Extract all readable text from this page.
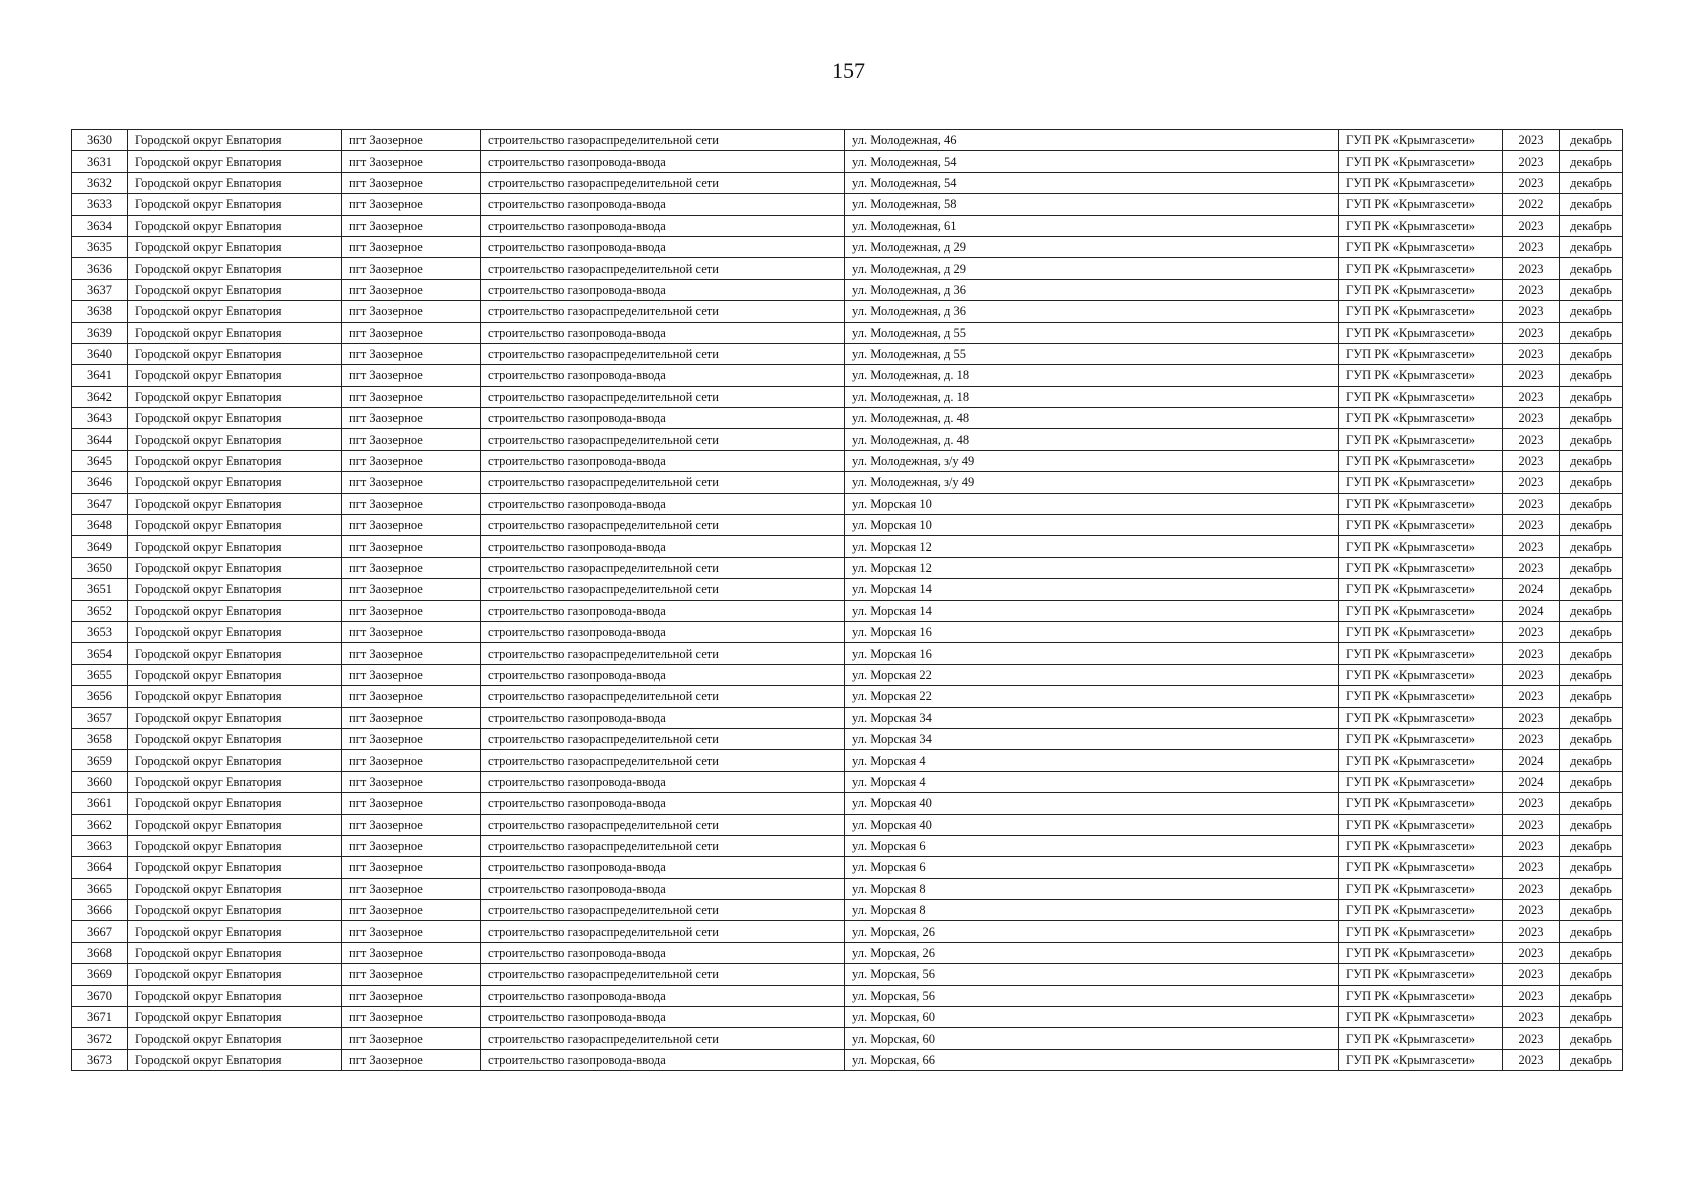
157
3630	Городской округ Евпатория	пгт Заозерное	строительство газораспределительной сети	ул. Молодежная, 46	ГУП РК «Крымгазсети»	2023	декабрь
3631	Городской округ Евпатория	пгт Заозерное	строительство газопровода-ввода	ул. Молодежная, 54	ГУП РК «Крымгазсети»	2023	декабрь
3632	Городской округ Евпатория	пгт Заозерное	строительство газораспределительной сети	ул. Молодежная, 54	ГУП РК «Крымгазсети»	2023	декабрь
3633	Городской округ Евпатория	пгт Заозерное	строительство газопровода-ввода	ул. Молодежная, 58	ГУП РК «Крымгазсети»	2022	декабрь
3634	Городской округ Евпатория	пгт Заозерное	строительство газопровода-ввода	ул. Молодежная, 61	ГУП РК «Крымгазсети»	2023	декабрь
3635	Городской округ Евпатория	пгт Заозерное	строительство газопровода-ввода	ул. Молодежная, д 29	ГУП РК «Крымгазсети»	2023	декабрь
3636	Городской округ Евпатория	пгт Заозерное	строительство газораспределительной сети	ул. Молодежная, д 29	ГУП РК «Крымгазсети»	2023	декабрь
3637	Городской округ Евпатория	пгт Заозерное	строительство газопровода-ввода	ул. Молодежная, д 36	ГУП РК «Крымгазсети»	2023	декабрь
3638	Городской округ Евпатория	пгт Заозерное	строительство газораспределительной сети	ул. Молодежная, д 36	ГУП РК «Крымгазсети»	2023	декабрь
3639	Городской округ Евпатория	пгт Заозерное	строительство газопровода-ввода	ул. Молодежная, д 55	ГУП РК «Крымгазсети»	2023	декабрь
3640	Городской округ Евпатория	пгт Заозерное	строительство газораспределительной сети	ул. Молодежная, д 55	ГУП РК «Крымгазсети»	2023	декабрь
3641	Городской округ Евпатория	пгт Заозерное	строительство газопровода-ввода	ул. Молодежная, д. 18	ГУП РК «Крымгазсети»	2023	декабрь
3642	Городской округ Евпатория	пгт Заозерное	строительство газораспределительной сети	ул. Молодежная, д. 18	ГУП РК «Крымгазсети»	2023	декабрь
3643	Городской округ Евпатория	пгт Заозерное	строительство газопровода-ввода	ул. Молодежная, д. 48	ГУП РК «Крымгазсети»	2023	декабрь
3644	Городской округ Евпатория	пгт Заозерное	строительство газораспределительной сети	ул. Молодежная, д. 48	ГУП РК «Крымгазсети»	2023	декабрь
3645	Городской округ Евпатория	пгт Заозерное	строительство газопровода-ввода	ул. Молодежная, з/у 49	ГУП РК «Крымгазсети»	2023	декабрь
3646	Городской округ Евпатория	пгт Заозерное	строительство газораспределительной сети	ул. Молодежная, з/у 49	ГУП РК «Крымгазсети»	2023	декабрь
3647	Городской округ Евпатория	пгт Заозерное	строительство газопровода-ввода	ул. Морская 10	ГУП РК «Крымгазсети»	2023	декабрь
3648	Городской округ Евпатория	пгт Заозерное	строительство газораспределительной сети	ул. Морская 10	ГУП РК «Крымгазсети»	2023	декабрь
3649	Городской округ Евпатория	пгт Заозерное	строительство газопровода-ввода	ул. Морская 12	ГУП РК «Крымгазсети»	2023	декабрь
3650	Городской округ Евпатория	пгт Заозерное	строительство газораспределительной сети	ул. Морская 12	ГУП РК «Крымгазсети»	2023	декабрь
3651	Городской округ Евпатория	пгт Заозерное	строительство газораспределительной сети	ул. Морская 14	ГУП РК «Крымгазсети»	2024	декабрь
3652	Городской округ Евпатория	пгт Заозерное	строительство газопровода-ввода	ул. Морская 14	ГУП РК «Крымгазсети»	2024	декабрь
3653	Городской округ Евпатория	пгт Заозерное	строительство газопровода-ввода	ул. Морская 16	ГУП РК «Крымгазсети»	2023	декабрь
3654	Городской округ Евпатория	пгт Заозерное	строительство газораспределительной сети	ул. Морская 16	ГУП РК «Крымгазсети»	2023	декабрь
3655	Городской округ Евпатория	пгт Заозерное	строительство газопровода-ввода	ул. Морская 22	ГУП РК «Крымгазсети»	2023	декабрь
3656	Городской округ Евпатория	пгт Заозерное	строительство газораспределительной сети	ул. Морская 22	ГУП РК «Крымгазсети»	2023	декабрь
3657	Городской округ Евпатория	пгт Заозерное	строительство газопровода-ввода	ул. Морская 34	ГУП РК «Крымгазсети»	2023	декабрь
3658	Городской округ Евпатория	пгт Заозерное	строительство газораспределительной сети	ул. Морская 34	ГУП РК «Крымгазсети»	2023	декабрь
3659	Городской округ Евпатория	пгт Заозерное	строительство газораспределительной сети	ул. Морская 4	ГУП РК «Крымгазсети»	2024	декабрь
3660	Городской округ Евпатория	пгт Заозерное	строительство газопровода-ввода	ул. Морская 4	ГУП РК «Крымгазсети»	2024	декабрь
3661	Городской округ Евпатория	пгт Заозерное	строительство газопровода-ввода	ул. Морская 40	ГУП РК «Крымгазсети»	2023	декабрь
3662	Городской округ Евпатория	пгт Заозерное	строительство газораспределительной сети	ул. Морская 40	ГУП РК «Крымгазсети»	2023	декабрь
3663	Городской округ Евпатория	пгт Заозерное	строительство газораспределительной сети	ул. Морская 6	ГУП РК «Крымгазсети»	2023	декабрь
3664	Городской округ Евпатория	пгт Заозерное	строительство газопровода-ввода	ул. Морская 6	ГУП РК «Крымгазсети»	2023	декабрь
3665	Городской округ Евпатория	пгт Заозерное	строительство газопровода-ввода	ул. Морская 8	ГУП РК «Крымгазсети»	2023	декабрь
3666	Городской округ Евпатория	пгт Заозерное	строительство газораспределительной сети	ул. Морская 8	ГУП РК «Крымгазсети»	2023	декабрь
3667	Городской округ Евпатория	пгт Заозерное	строительство газораспределительной сети	ул. Морская, 26	ГУП РК «Крымгазсети»	2023	декабрь
3668	Городской округ Евпатория	пгт Заозерное	строительство газопровода-ввода	ул. Морская, 26	ГУП РК «Крымгазсети»	2023	декабрь
3669	Городской округ Евпатория	пгт Заозерное	строительство газораспределительной сети	ул. Морская, 56	ГУП РК «Крымгазсети»	2023	декабрь
3670	Городской округ Евпатория	пгт Заозерное	строительство газопровода-ввода	ул. Морская, 56	ГУП РК «Крымгазсети»	2023	декабрь
3671	Городской округ Евпатория	пгт Заозерное	строительство газопровода-ввода	ул. Морская, 60	ГУП РК «Крымгазсети»	2023	декабрь
3672	Городской округ Евпатория	пгт Заозерное	строительство газораспределительной сети	ул. Морская, 60	ГУП РК «Крымгазсети»	2023	декабрь
3673	Городской округ Евпатория	пгт Заозерное	строительство газопровода-ввода	ул. Морская, 66	ГУП РК «Крымгазсети»	2023	декабрь
